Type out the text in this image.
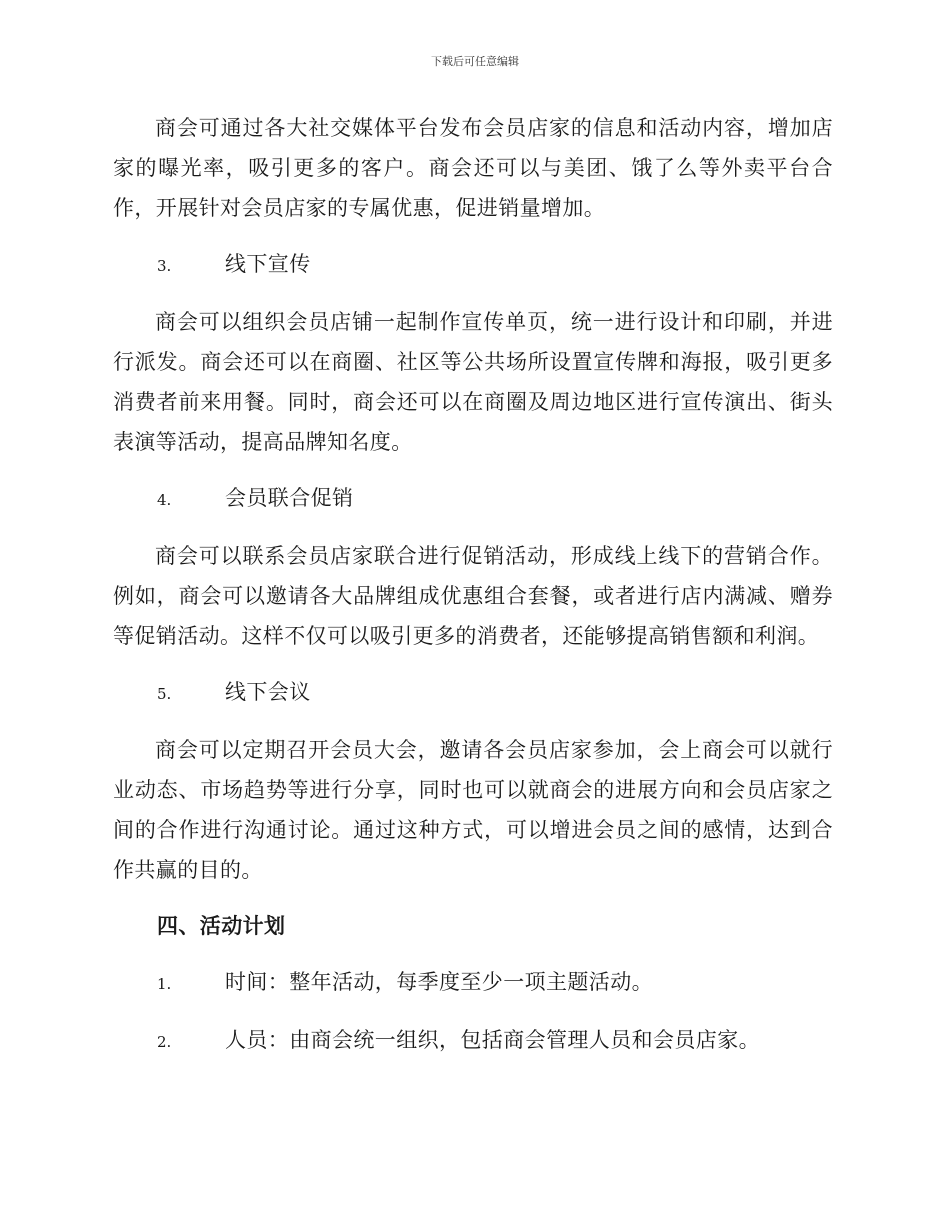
下载后可任意编辑

商会可通过各大社交媒体平台发布会员店家的信息和活动内容，增加店家的曝光率，吸引更多的客户。商会还可以与美团、饿了么等外卖平台合作，开展针对会员店家的专属优惠，促进销量增加。

3.	线下宣传

商会可以组织会员店铺一起制作宣传单页，统一进行设计和印刷，并进行派发。商会还可以在商圈、社区等公共场所设置宣传牌和海报，吸引更多消费者前来用餐。同时，商会还可以在商圈及周边地区进行宣传演出、街头表演等活动，提高品牌知名度。

4.	会员联合促销

商会可以联系会员店家联合进行促销活动，形成线上线下的营销合作。例如，商会可以邀请各大品牌组成优惠组合套餐，或者进行店内满减、赠券等促销活动。这样不仅可以吸引更多的消费者，还能够提高销售额和利润。

5.	线下会议

商会可以定期召开会员大会，邀请各会员店家参加，会上商会可以就行业动态、市场趋势等进行分享，同时也可以就商会的进展方向和会员店家之间的合作进行沟通讨论。通过这种方式，可以增进会员之间的感情，达到合作共赢的目的。

四、活动计划
1.	时间：整年活动，每季度至少一项主题活动。
2.	人员：由商会统一组织，包括商会管理人员和会员店家。
